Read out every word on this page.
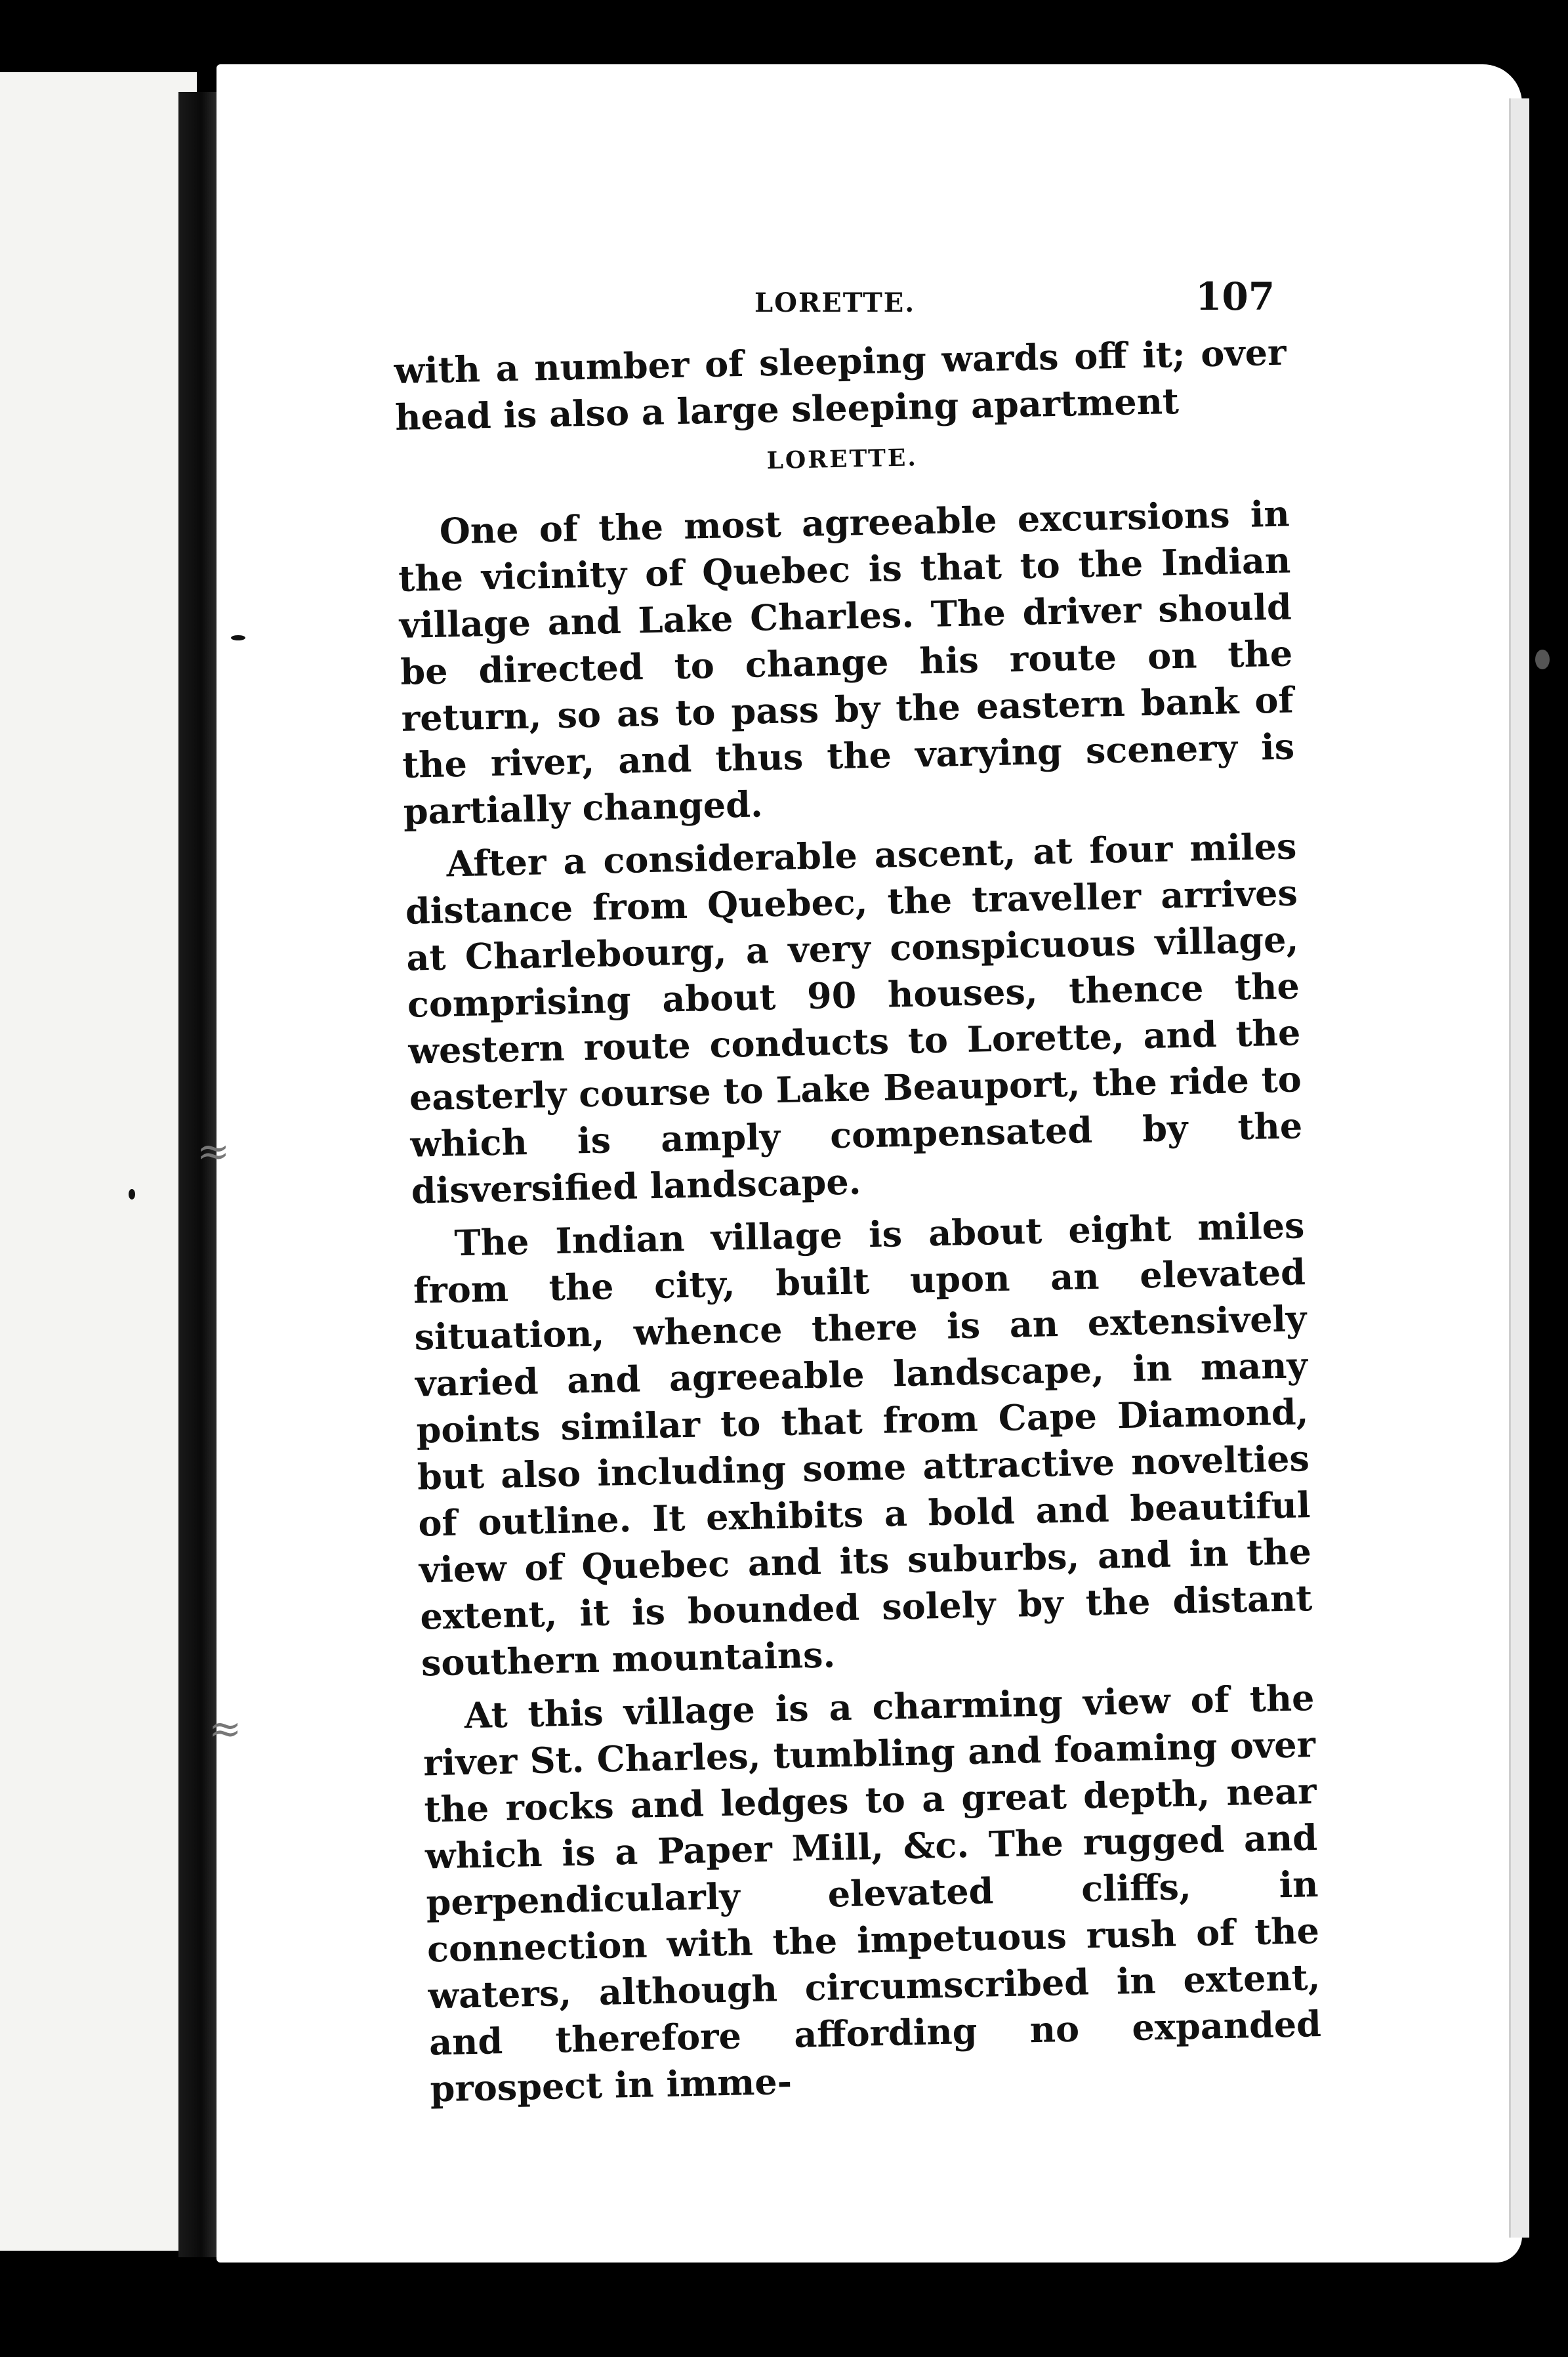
≈
≈
LORETTE.	107

with a number of sleeping wards off it; over head is also a large sleeping apartment

LORETTE.

One of the most agreeable excursions in the vicinity of Quebec is that to the Indian village and Lake Charles. The driver should be directed to change his route on the return, so as to pass by the eastern bank of the river, and thus the varying scenery is partially changed.

After a considerable ascent, at four miles distance from Quebec, the traveller arrives at Charlebourg, a very conspicuous village, comprising about 90 houses, thence the western route conducts to Lorette, and the easterly course to Lake Beauport, the ride to which is amply compensated by the disversified landscape.

The Indian village is about eight miles from the city, built upon an elevated situation, whence there is an extensively varied and agreeable landscape, in many points similar to that from Cape Diamond, but also including some attractive novelties of outline. It exhibits a bold and beautiful view of Quebec and its suburbs, and in the extent, it is bounded solely by the distant southern mountains.

At this village is a charming view of the river St. Charles, tumbling and foaming over the rocks and ledges to a great depth, near which is a Paper Mill, &c. The rugged and perpendicularly elevated cliffs, in connection with the impetuous rush of the waters, although circumscribed in extent, and therefore affording no expanded prospect in imme-
